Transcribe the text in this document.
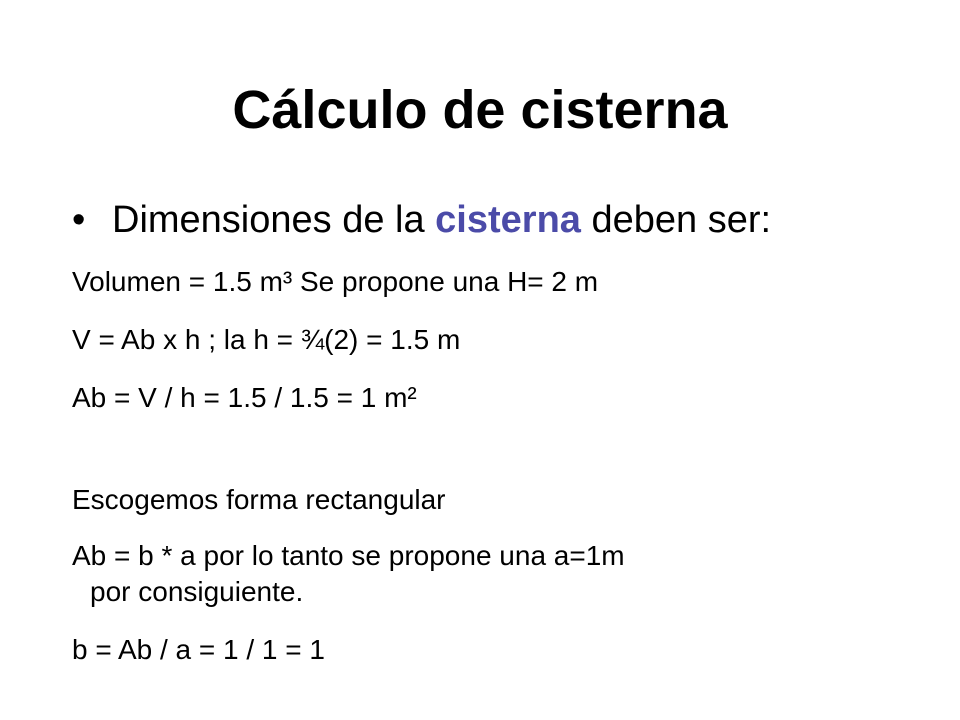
Cálculo de cisterna
• Dimensiones de la cisterna deben ser:
Volumen = 1.5 m³ Se propone una H= 2 m
V = Ab x h ; la h = ¾(2) = 1.5 m
Ab = V / h = 1.5 / 1.5 = 1 m²
Escogemos forma rectangular
Ab = b * a por lo tanto se propone una a=1m
por consiguiente.
b = Ab / a = 1 / 1 = 1
